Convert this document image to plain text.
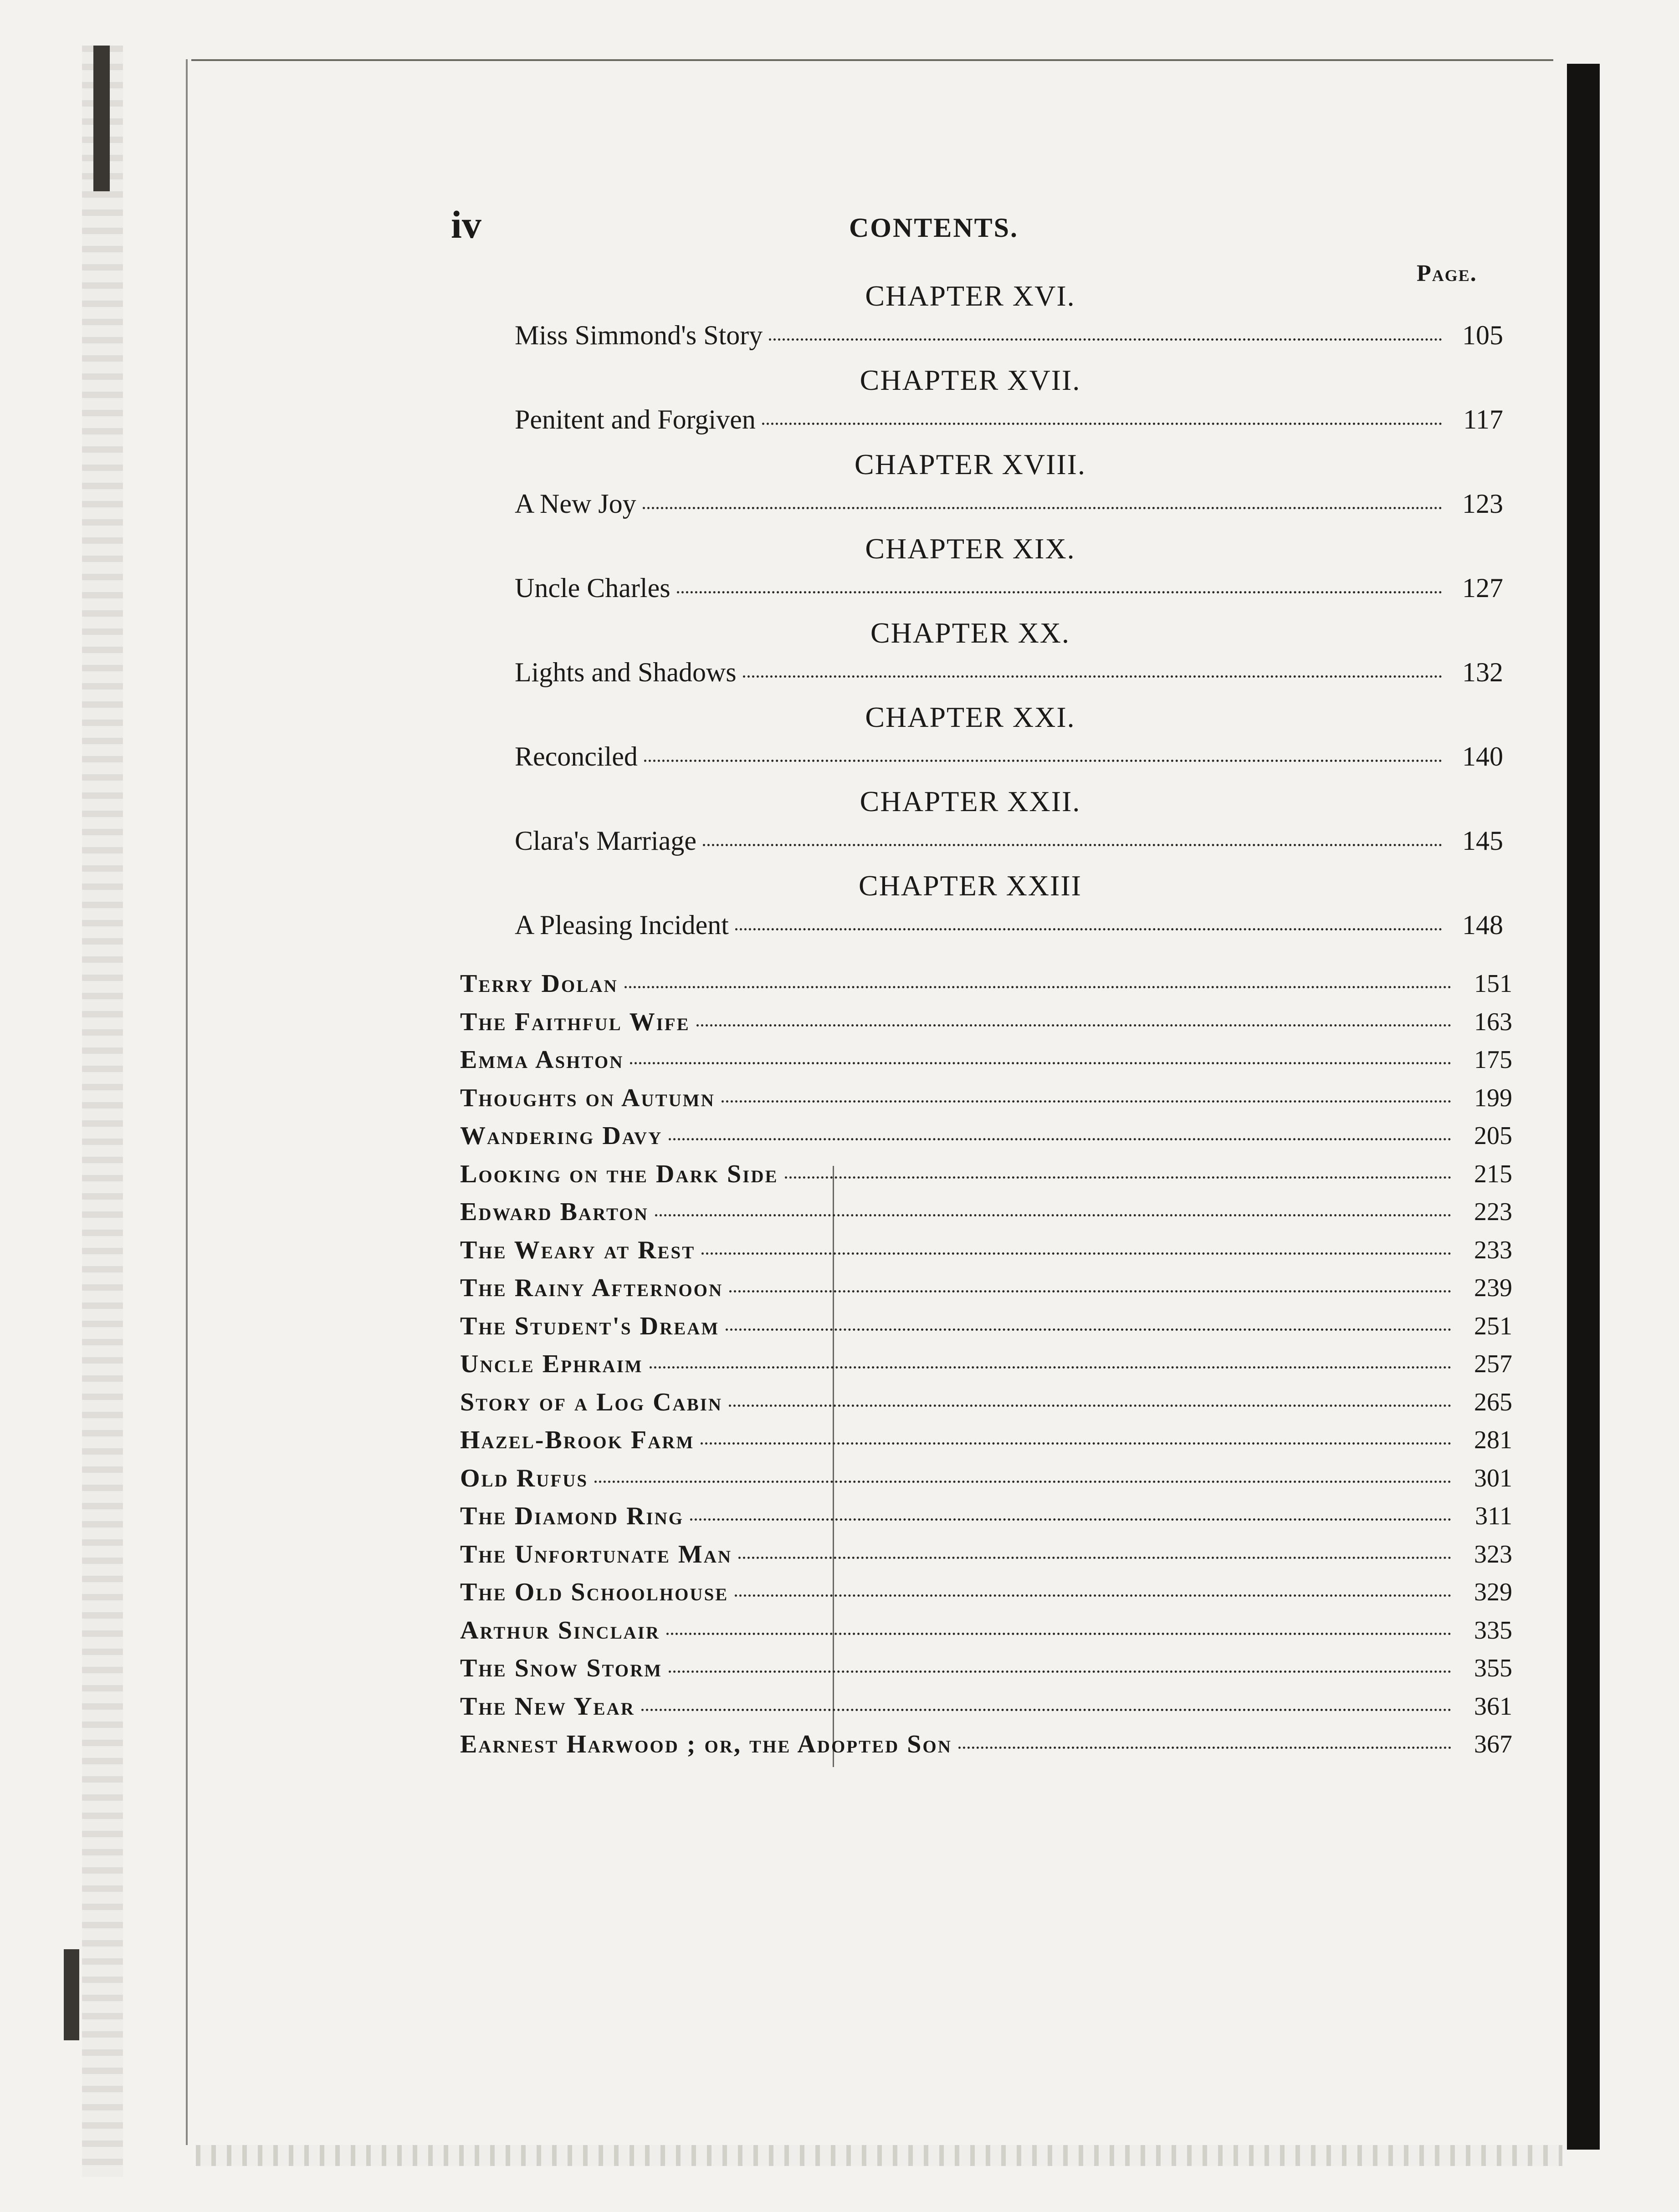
iv	CONTENTS.
Page.
CHAPTER XVI.
Miss Simmond's Story	105
CHAPTER XVII.
Penitent and Forgiven	117
CHAPTER XVIII.
A New Joy	123
CHAPTER XIX.
Uncle Charles	127
CHAPTER XX.
Lights and Shadows	132
CHAPTER XXI.
Reconciled	140
CHAPTER XXII.
Clara's Marriage	145
CHAPTER XXIII
A Pleasing Incident	148
Terry Dolan	151
The Faithful Wife	163
Emma Ashton	175
Thoughts on Autumn	199
Wandering Davy	205
Looking on the Dark Side	215
Edward Barton	223
The Weary at Rest	233
The Rainy Afternoon	239
The Student's Dream	251
Uncle Ephraim	257
Story of a Log Cabin	265
Hazel-Brook Farm	281
Old Rufus	301
The Diamond Ring	311
The Unfortunate Man	323
The Old Schoolhouse	329
Arthur Sinclair	335
The Snow Storm	355
The New Year	361
Earnest Harwood ; or, the Adopted Son	367
